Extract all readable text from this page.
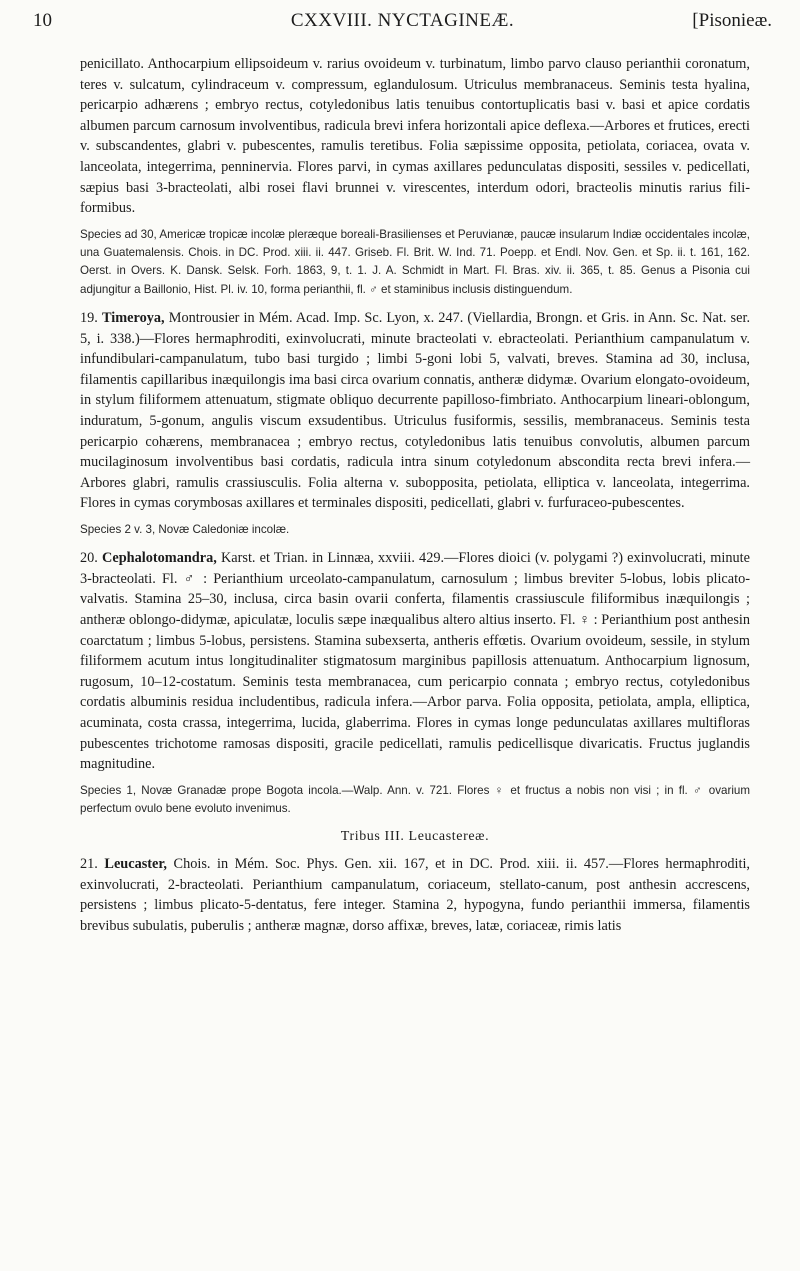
10	CXXVIII. NYCTAGINEÆ.	[Pisonieæ.

penicillato. Anthocarpium ellipsoideum v. rarius ovoideum v. turbinatum, limbo parvo clauso perianthii coronatum, teres v. sulcatum, cylindraceum v. compressum, eglandulosum. Utriculus membranaceus. Seminis testa hyalina, pericarpio adhærens ; embryo rectus, cotyledonibus latis tenuibus contortuplicatis basi v. basi et apice cordatis albumen parcum carnosum involventibus, radicula brevi infera horizontali apice deflexa.—Arbores et frutices, erecti v. subscandentes, glabri v. pubescentes, ramulis teretibus. Folia sæpissime opposita, petiolata, coriacea, ovata v. lanceolata, integerrima, penninervia. Flores parvi, in cymas axillares pedunculatas dispositi, sessiles v. pedicellati, sæpius basi 3-bracteolati, albi rosei flavi brunnei v. virescentes, interdum odori, bracteolis minutis rarius fili-formibus.

Species ad 30, Americæ tropicæ incolæ pleræque boreali-Brasilienses et Peruvianæ, paucæ insularum Indiæ occidentales incolæ, una Guatemalensis. Chois. in DC. Prod. xiii. ii. 447. Griseb. Fl. Brit. W. Ind. 71. Poepp. et Endl. Nov. Gen. et Sp. ii. t. 161, 162. Oerst. in Overs. K. Dansk. Selsk. Forh. 1863, 9, t. 1. J. A. Schmidt in Mart. Fl. Bras. xiv. ii. 365, t. 85. Genus a Pisonia cui adjungitur a Baillonio, Hist. Pl. iv. 10, forma perianthii, fl. ♂ et staminibus inclusis distinguendum.

19. Timeroya, Montrousier in Mém. Acad. Imp. Sc. Lyon, x. 247. (Viellardia, Brongn. et Gris. in Ann. Sc. Nat. ser. 5, i. 338.)—Flores hermaphroditi, exinvolucrati, minute bracteolati v. ebracteolati. Perianthium campanulatum v. infundibulari-campanulatum, tubo basi turgido ; limbi 5-goni lobi 5, valvati, breves. Stamina ad 30, inclusa, filamentis capillaribus inæquilongis ima basi circa ovarium connatis, antheræ didymæ. Ovarium elongato-ovoideum, in stylum filiformem attenuatum, stigmate obliquo decurrente papilloso-fimbriato. Anthocarpium lineari-oblongum, induratum, 5-gonum, angulis viscum exsudentibus. Utriculus fusiformis, sessilis, membranaceus. Seminis testa pericarpio cohærens, membranacea ; embryo rectus, cotyledonibus latis tenuibus convolutis, albumen parcum mucilaginosum involventibus basi cordatis, radicula intra sinum cotyledonum abscondita recta brevi infera.—Arbores glabri, ramulis crassiusculis. Folia alterna v. subopposita, petiolata, elliptica v. lanceolata, integerrima. Flores in cymas corymbosas axillares et terminales dispositi, pedicellati, glabri v. furfuraceo-pubescentes.

Species 2 v. 3, Novæ Caledoniæ incolæ.

20. Cephalotomandra, Karst. et Trian. in Linnæa, xxviii. 429.—Flores dioici (v. polygami ?) exinvolucrati, minute 3-bracteolati. Fl. ♂ : Perianthium urceolato-campanulatum, carnosulum ; limbus breviter 5-lobus, lobis plicato-valvatis. Stamina 25–30, inclusa, circa basin ovarii conferta, filamentis crassiuscule filiformibus inæquilongis ; antheræ oblongo-didymæ, apiculatæ, loculis sæpe inæqualibus altero altius inserto. Fl. ♀ : Perianthium post anthesin coarctatum ; limbus 5-lobus, persistens. Stamina subexserta, antheris effœtis. Ovarium ovoideum, sessile, in stylum filiformem acutum intus longitudinaliter stigmatosum marginibus papillosis attenuatum. Anthocarpium lignosum, rugosum, 10–12-costatum. Seminis testa membranacea, cum pericarpio connata ; embryo rectus, cotyledonibus cordatis albuminis residua includentibus, radicula infera.—Arbor parva. Folia opposita, petiolata, ampla, elliptica, acuminata, costa crassa, integerrima, lucida, glaberrima. Flores in cymas longe pedunculatas axillares multifloras pubescentes trichotome ramosas dispositi, gracile pedicellati, ramulis pedicellisque divaricatis. Fructus juglandis magnitudine.

Species 1, Novæ Granadæ prope Bogota incola.—Walp. Ann. v. 721. Flores ♀ et fructus a nobis non visi ; in fl. ♂ ovarium perfectum ovulo bene evoluto invenimus.

Tribus III. Leucastereæ.

21. Leucaster, Chois. in Mém. Soc. Phys. Gen. xii. 167, et in DC. Prod. xiii. ii. 457.—Flores hermaphroditi, exinvolucrati, 2-bracteolati. Perianthium campanulatum, coriaceum, stellato-canum, post anthesin accrescens, persistens ; limbus plicato-5-dentatus, fere integer. Stamina 2, hypogyna, fundo perianthii immersa, filamentis brevibus subulatis, puberulis ; antheræ magnæ, dorso affixæ, breves, latæ, coriaceæ, rimis latis
